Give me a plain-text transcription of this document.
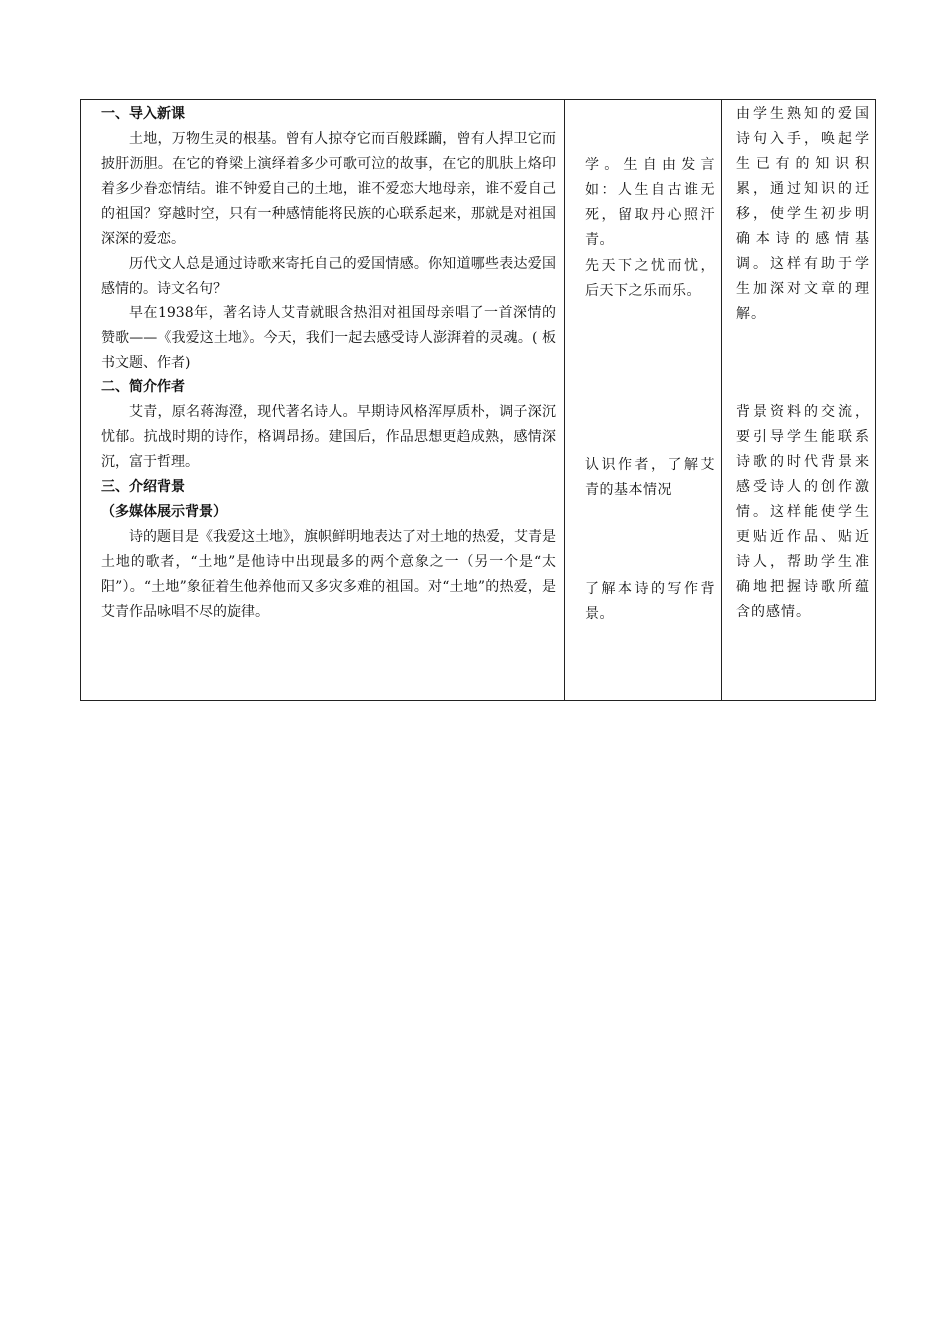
一、导入新课
土地，万物生灵的根基。曾有人掠夺它而百般蹂躏，曾有人捍卫它而披肝沥胆。在它的脊梁上演绎着多少可歌可泣的故事，在它的肌肤上烙印着多少眷恋情结。谁不钟爱自己的土地，谁不爱恋大地母亲，谁不爱自己的祖国？穿越时空，只有一种感情能将民族的心联系起来，那就是对祖国深深的爱恋。
历代文人总是通过诗歌来寄托自己的爱国情感。你知道哪些表达爱国感情的。诗文名句？
早在1938年，著名诗人艾青就眼含热泪对祖国母亲唱了一首深情的赞歌——《我爱这土地》。今天，我们一起去感受诗人澎湃着的灵魂。( 板书文题、作者)
二、简介作者
艾青，原名蒋海澄，现代著名诗人。早期诗风格浑厚质朴，调子深沉忧郁。抗战时期的诗作，格调昂扬。建国后，作品思想更趋成熟，感情深沉，富于哲理。
三、介绍背景
（多媒体展示背景）
诗的题目是《我爱这土地》，旗帜鲜明地表达了对土地的热爱，艾青是土地的歌者，“土地”是他诗中出现最多的两个意象之一（另一个是“太阳”）。“土地”象征着生他养他而又多灾多难的祖国。对“土地”的热爱，是艾青作品咏唱不尽的旋律。
学。生自由发言如：人生自古谁无死，留取丹心照汗青。
先天下之忧而忧，后天下之乐而乐。
认识作者，了解艾青的基本情况
了解本诗的写作背景。
由学生熟知的爱国诗句入手，唤起学生已有的知识积累，通过知识的迁移，使学生初步明确本诗的感情基调。这样有助于学生加深对文章的理解。
背景资料的交流，要引导学生能联系诗歌的时代背景来感受诗人的创作激情。这样能使学生更贴近作品、贴近诗人，帮助学生准确地把握诗歌所蕴含的感情。
